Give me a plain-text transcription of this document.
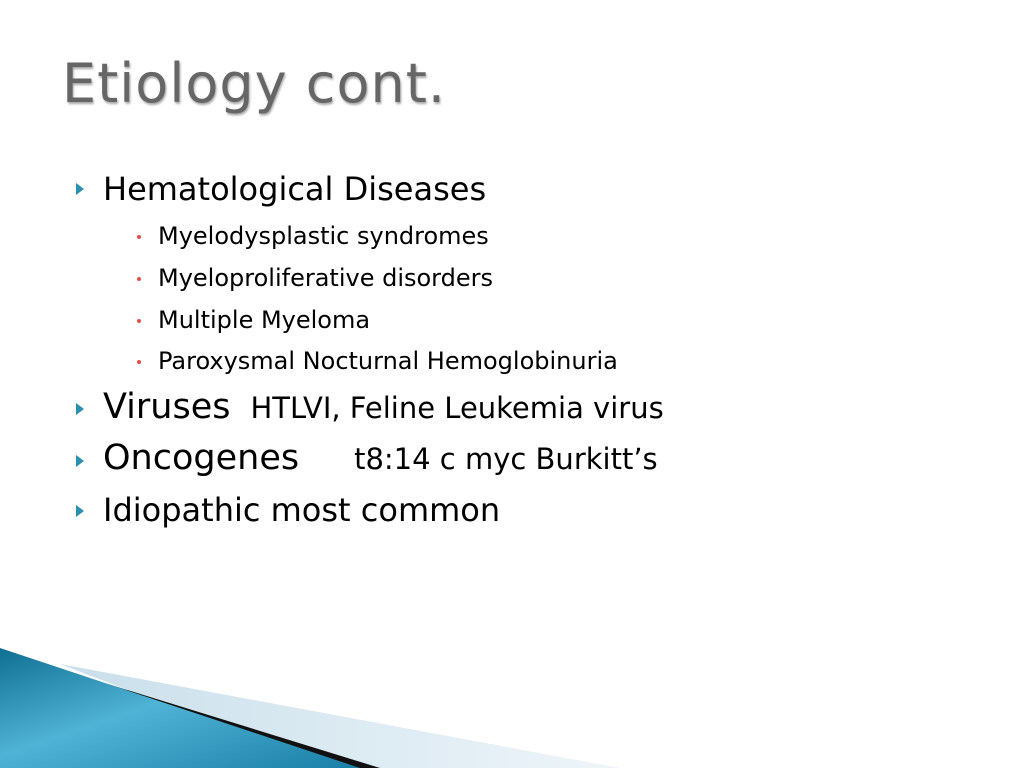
Etiology cont.
Hematological Diseases
Myelodysplastic syndromes
Myeloproliferative disorders
Multiple Myeloma
Paroxysmal Nocturnal Hemoglobinuria
Viruses HTLVI, Feline Leukemia virus
Oncogenes t8:14 c myc Burkitt’s
Idiopathic most common
